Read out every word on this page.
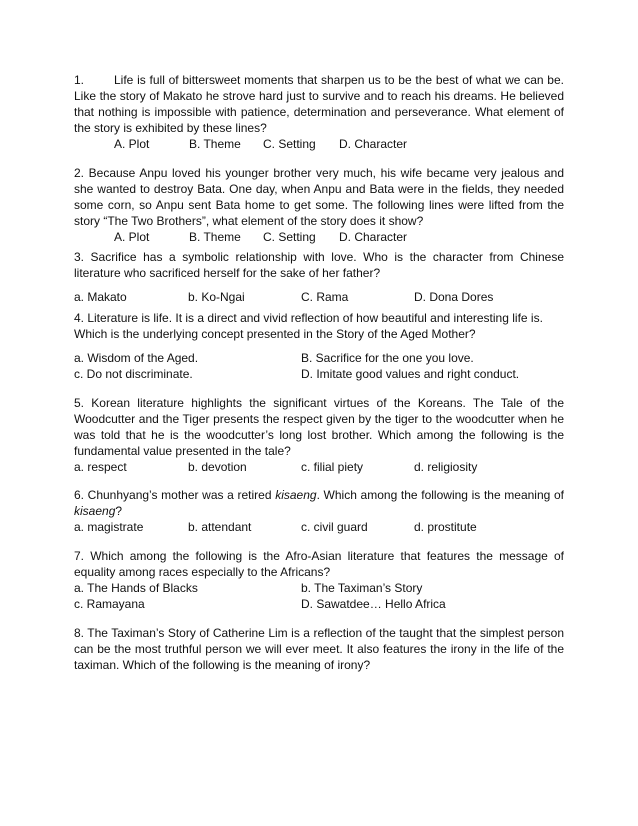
1. Life is full of bittersweet moments that sharpen us to be the best of what we can be. Like the story of Makato he strove hard just to survive and to reach his dreams. He believed that nothing is impossible with patience, determination and perseverance. What element of the story is exhibited by these lines?

A. Plot	B. Theme	C. Setting	D. Character

2. Because Anpu loved his younger brother very much, his wife became very jealous and she wanted to destroy Bata. One day, when Anpu and Bata were in the fields, they needed some corn, so Anpu sent Bata home to get some. The following lines were lifted from the story “The Two Brothers”, what element of the story does it show?

A. Plot	B. Theme	C. Setting	D. Character

3. Sacrifice has a symbolic relationship with love. Who is the character from Chinese literature who sacrificed herself for the sake of her father?

a. Makato	b. Ko-Ngai	C. Rama	D. Dona Dores

4. Literature is life. It is a direct and vivid reflection of how beautiful and interesting life is. Which is the underlying concept presented in the Story of the Aged Mother?

a. Wisdom of the Aged.	B. Sacrifice for the one you love.
c. Do not discriminate.	D. Imitate good values and right conduct.

5. Korean literature highlights the significant virtues of the Koreans. The Tale of the Woodcutter and the Tiger presents the respect given by the tiger to the woodcutter when he was told that he is the woodcutter’s long lost brother. Which among the following is the fundamental value presented in the tale?

a. respect	b. devotion	c. filial piety	d. religiosity

6. Chunhyang’s mother was a retired kisaeng. Which among the following is the meaning of kisaeng?

a. magistrate	b. attendant	c. civil guard	d. prostitute

7. Which among the following is the Afro-Asian literature that features the message of equality among races especially to the Africans?

a. The Hands of Blacks	b. The Taximan’s Story
c. Ramayana	D. Sawatdee… Hello Africa

8. The Taximan’s Story of Catherine Lim is a reflection of the taught that the simplest person can be the most truthful person we will ever meet. It also features the irony in the life of the taximan. Which of the following is the meaning of irony?
